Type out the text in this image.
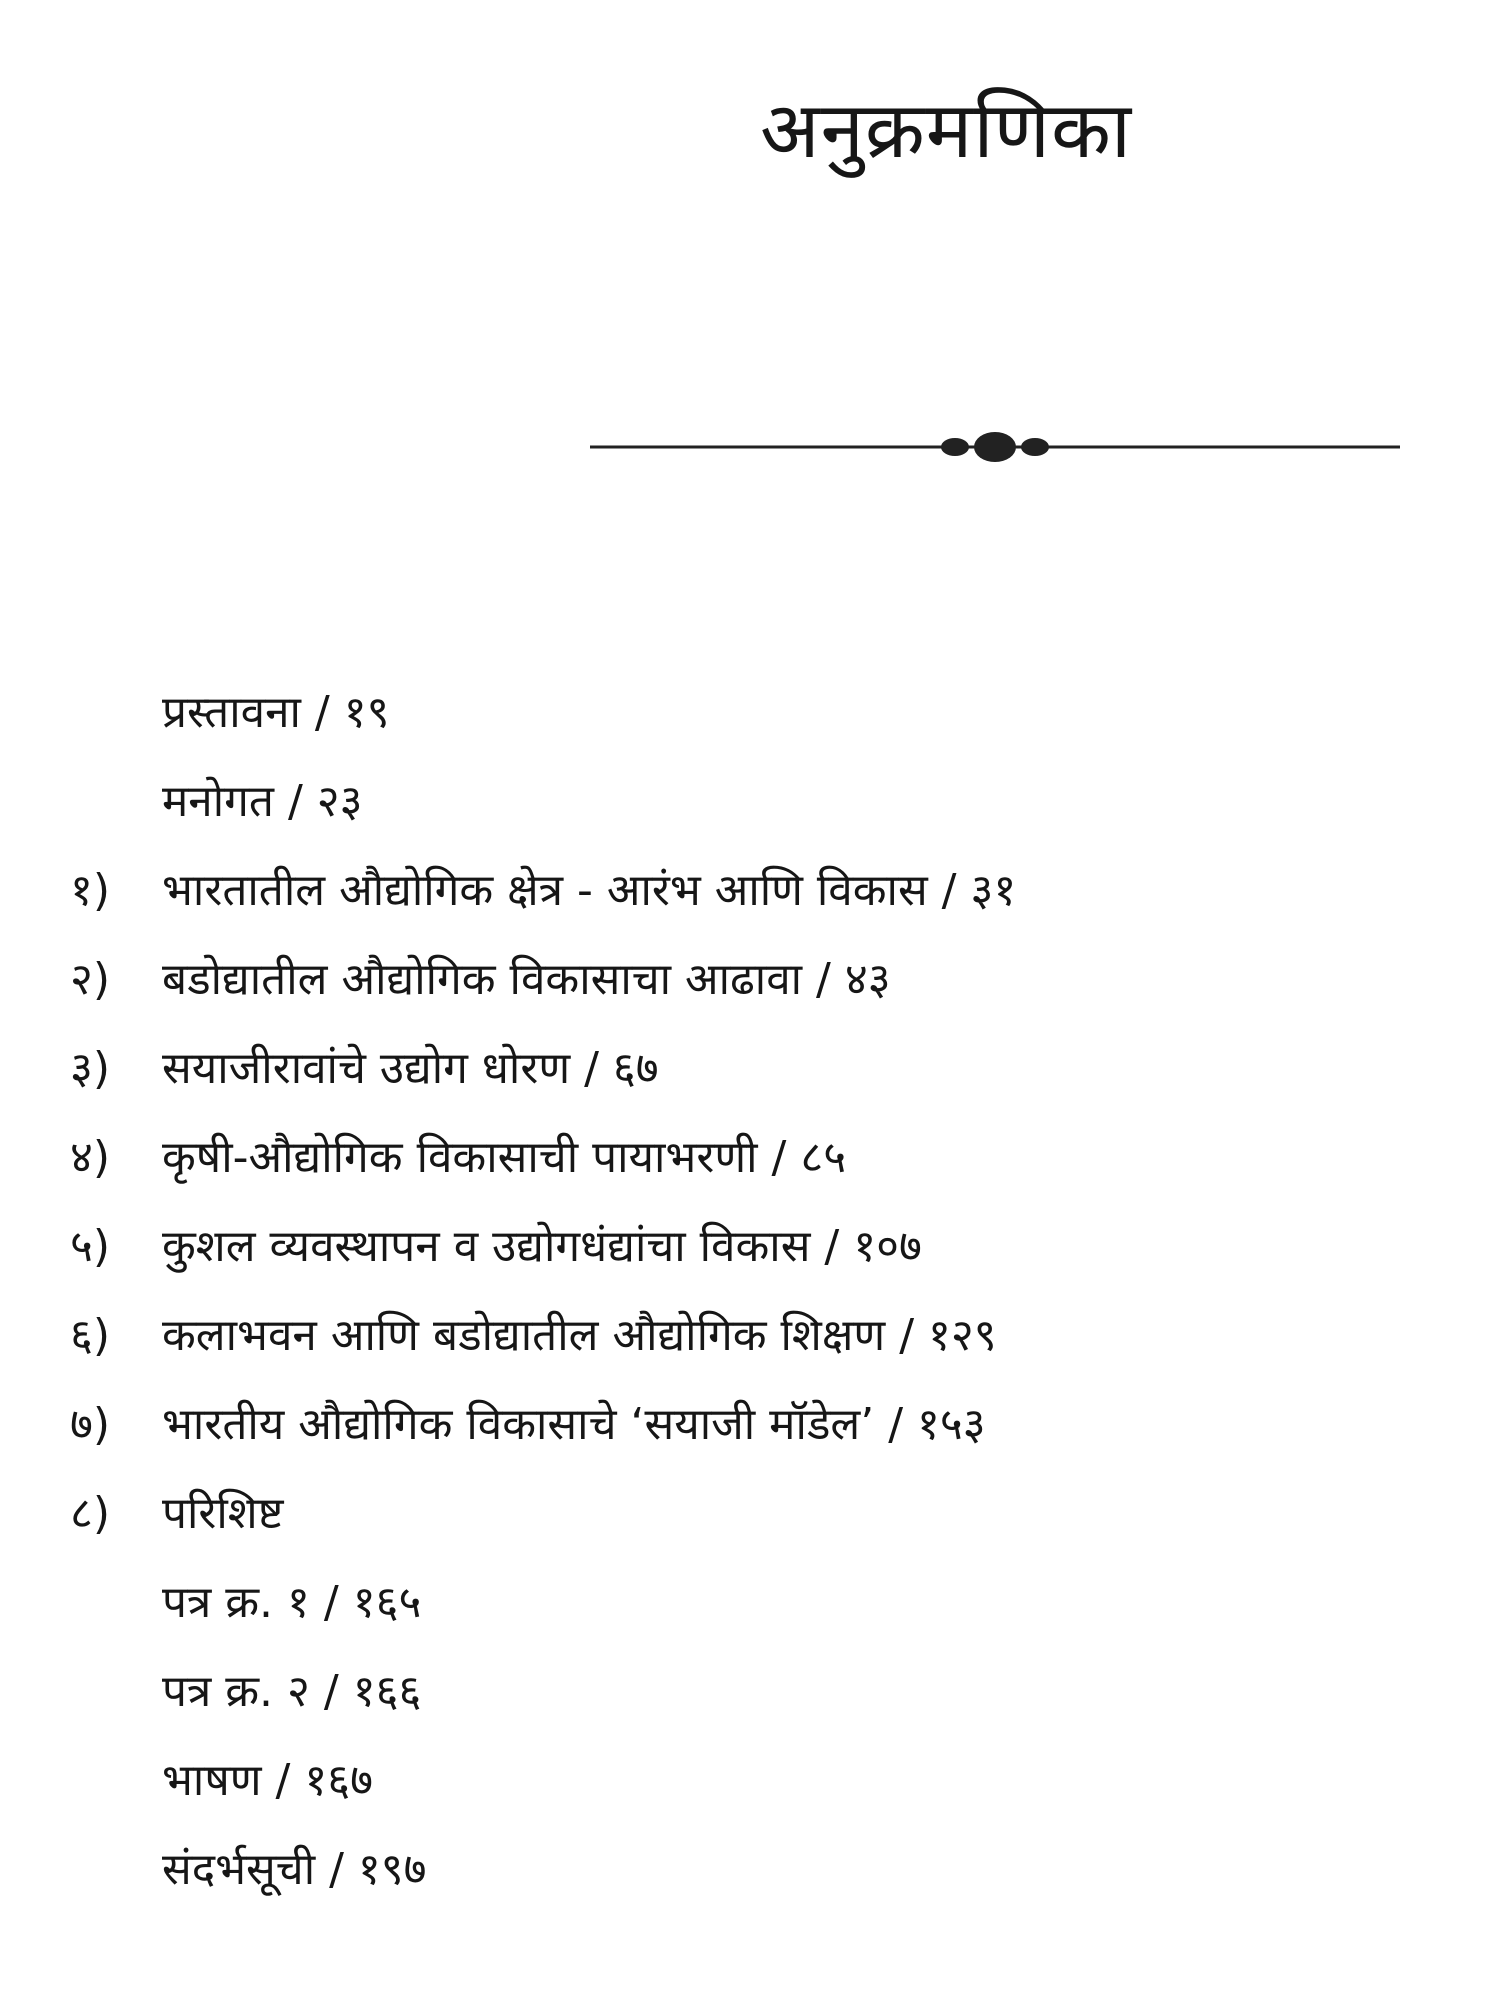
अनुक्रमणिका
प्रस्तावना / १९
मनोगत / २३
१)	भारतातील औद्योगिक क्षेत्र - आरंभ आणि विकास / ३१
२)	बडोद्यातील औद्योगिक विकासाचा आढावा / ४३
३)	सयाजीरावांचे उद्योग धोरण / ६७
४)	कृषी-औद्योगिक विकासाची पायाभरणी / ८५
५)	कुशल व्यवस्थापन व उद्योगधंद्यांचा विकास / १०७
६)	कलाभवन आणि बडोद्यातील औद्योगिक शिक्षण / १२९
७)	भारतीय औद्योगिक विकासाचे ‘सयाजी मॉडेल’ / १५३
८)	परिशिष्ट
पत्र क्र. १ / १६५
पत्र क्र. २ / १६६
भाषण / १६७
संदर्भसूची / १९७
